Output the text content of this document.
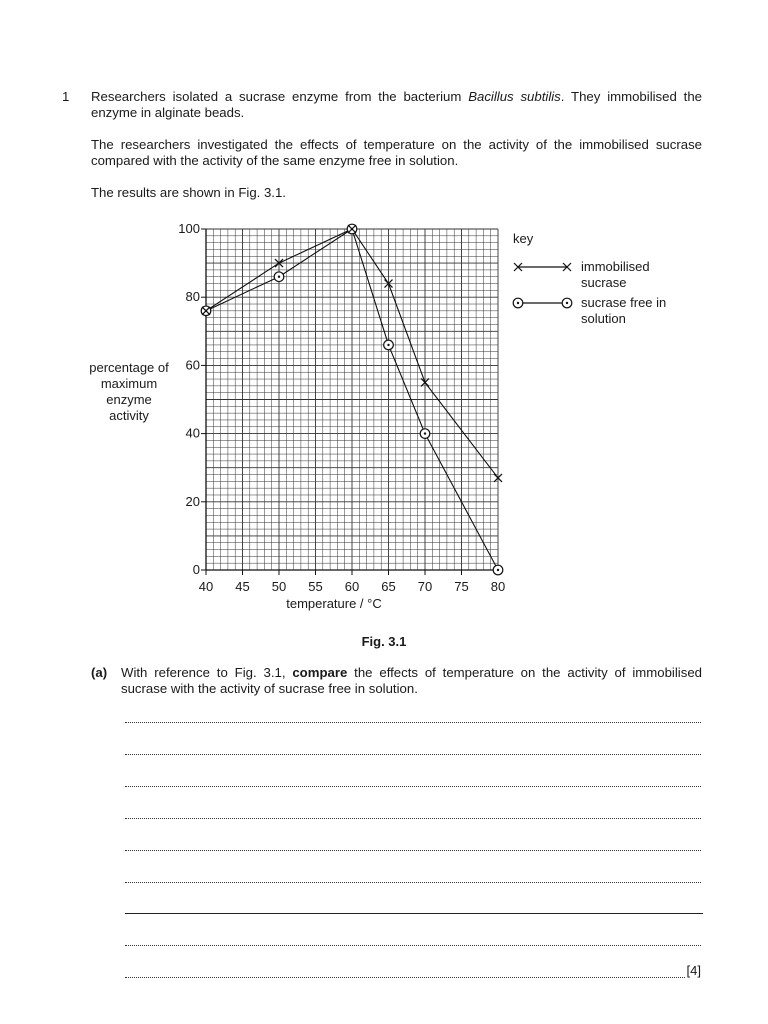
1 Researchers isolated a sucrase enzyme from the bacterium Bacillus subtilis. They immobilised the enzyme in alginate beads.
The researchers investigated the effects of temperature on the activity of the immobilised sucrase compared with the activity of the same enzyme free in solution.
The results are shown in Fig. 3.1.
40 45 50 55 60 65 70 75 80
0
20
40
60
80
100
temperature / °C
percentage of
maximum
enzyme
activity
key
immobilised
sucrase
sucrase free in
solution
Fig. 3.1
(a) With reference to Fig. 3.1, compare the effects of temperature on the activity of immobilised sucrase with the activity of sucrase free in solution.
[4]
